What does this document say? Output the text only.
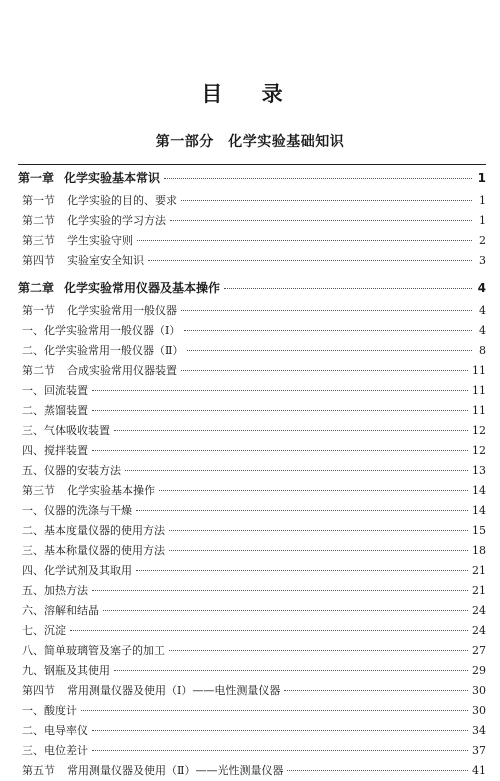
目 录
第一部分　化学实验基础知识
第一章 化学实验基本常识	1
第一节 化学实验的目的、要求	1
第二节 化学实验的学习方法	1
第三节 学生实验守则	2
第四节 实验室安全知识	3
第二章 化学实验常用仪器及基本操作	4
第一节 化学实验常用一般仪器	4
一、化学实验常用一般仪器（Ⅰ）	4
二、化学实验常用一般仪器（Ⅱ）	8
第二节 合成实验常用仪器装置	11
一、回流装置	11
二、蒸馏装置	11
三、气体吸收装置	12
四、搅拌装置	12
五、仪器的安装方法	13
第三节 化学实验基本操作	14
一、仪器的洗涤与干燥	14
二、基本度量仪器的使用方法	15
三、基本称量仪器的使用方法	18
四、化学试剂及其取用	21
五、加热方法	21
六、溶解和结晶	24
七、沉淀	24
八、简单玻璃管及塞子的加工	27
九、钢瓶及其使用	29
第四节 常用测量仪器及使用（Ⅰ）——电性测量仪器	30
一、酸度计	30
二、电导率仪	34
三、电位差计	37
第五节 常用测量仪器及使用（Ⅱ）——光性测量仪器	41
